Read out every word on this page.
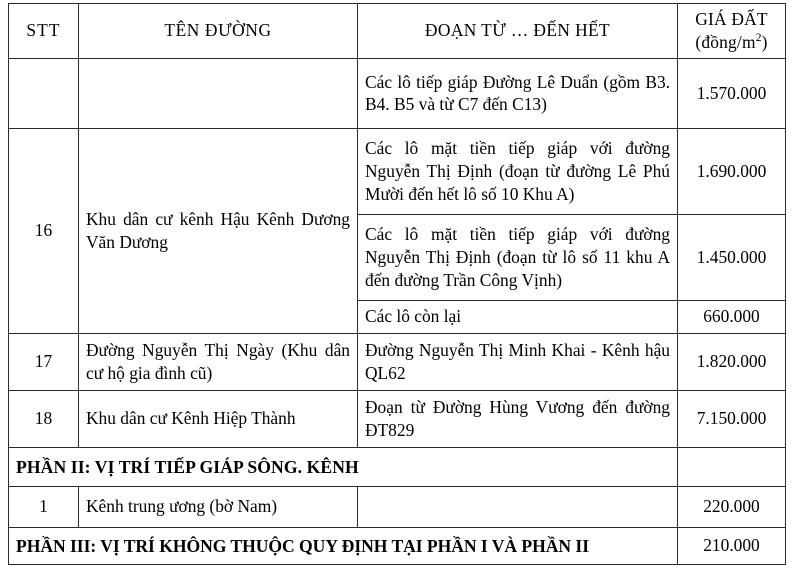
STT	TÊN ĐƯỜNG	ĐOẠN TỪ … ĐẾN HẾT	GIÁ ĐẤT
$(đồng/m^2)$

		Các lô tiếp giáp Đường Lê Duẩn (gồm B3. B4. B5 và từ C7 đến C13)	1.570.000
16	Khu dân cư kênh Hậu Kênh Dương Văn Dương	Các lô mặt tiền tiếp giáp với đường Nguyễn Thị Định (đoạn từ đường Lê Phú Mười đến hết lô số 10 Khu A)	1.690.000
		Các lô mặt tiền tiếp giáp với đường Nguyễn Thị Định (đoạn từ lô số 11 khu A đến đường Trần Công Vịnh)	1.450.000
		Các lô còn lại	660.000
17	Đường Nguyễn Thị Ngày (Khu dân cư hộ gia đình cũ)	Đường Nguyễn Thị Minh Khai - Kênh hậu QL62	1.820.000
18	Khu dân cư Kênh Hiệp Thành	Đoạn từ Đường Hùng Vương đến đường ĐT829	7.150.000
PHẦN II: VỊ TRÍ TIẾP GIÁP SÔNG. KÊNH			
1	Kênh trung ương (bờ Nam)		220.000
PHẦN III: VỊ TRÍ KHÔNG THUỘC QUY ĐỊNH TẠI PHẦN I VÀ PHẦN II			210.000
